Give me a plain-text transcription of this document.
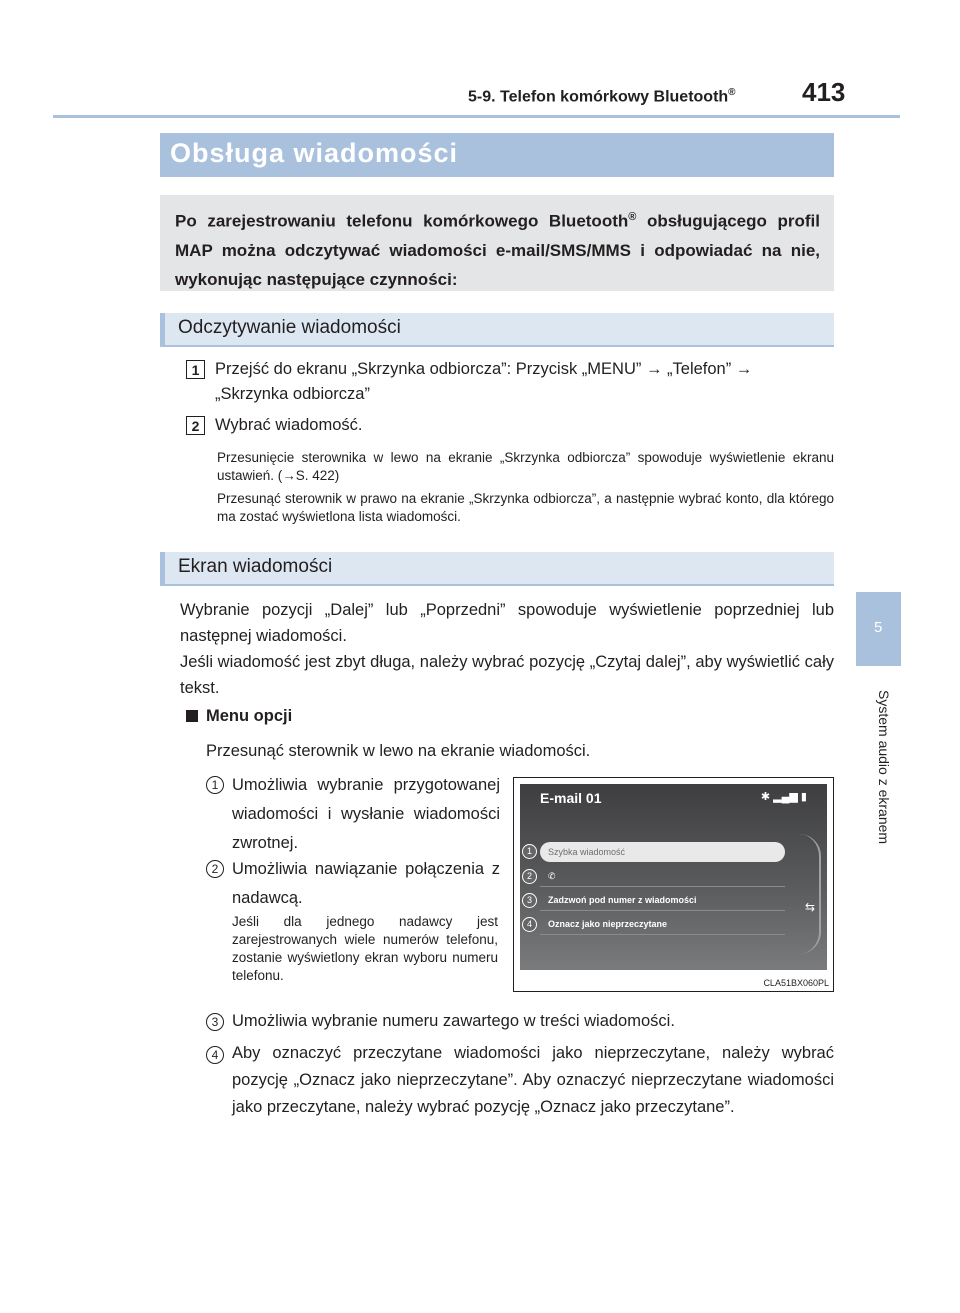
5-9. Telefon komórkowy Bluetooth®	413
Obsługa wiadomości
Po zarejestrowaniu telefonu komórkowego Bluetooth® obsługującego profil MAP można odczytywać wiadomości e-mail/SMS/MMS i odpowiadać na nie, wykonując następujące czynności:
Odczytywanie wiadomości
1 Przejść do ekranu „Skrzynka odbiorcza”: Przycisk „MENU” → „Telefon” →
„Skrzynka odbiorcza”
2 Wybrać wiadomość.
Przesunięcie sterownika w lewo na ekranie „Skrzynka odbiorcza” spowoduje wyświetlenie ekranu ustawień. (→S. 422)
Przesunąć sterownik w prawo na ekranie „Skrzynka odbiorcza”, a następnie wybrać konto, dla którego ma zostać wyświetlona lista wiadomości.
Ekran wiadomości
Wybranie pozycji „Dalej” lub „Poprzedni” spowoduje wyświetlenie poprzedniej lub następnej wiadomości.
Jeśli wiadomość jest zbyt długa, należy wybrać pozycję „Czytaj dalej”, aby wyświetlić cały tekst.
Menu opcji
Przesunąć sterownik w lewo na ekranie wiadomości.
1 Umożliwia wybranie przygotowanej wiadomości i wysłanie wiadomości zwrotnej.
2 Umożliwia nawiązanie połączenia z nadawcą.
Jeśli dla jednego nadawcy jest zarejestrowanych wiele numerów telefonu, zostanie wyświetlony ekran wyboru numeru telefonu.
E-mail 01	✱ ▂▄▆ ▮
Szybka wiadomość
✆
Zadzwoń pod numer z wiadomości
Oznacz jako nieprzeczytane
1
2
3
4
⇆
CLA51BX060PL
3 Umożliwia wybranie numeru zawartego w treści wiadomości.
4 Aby oznaczyć przeczytane wiadomości jako nieprzeczytane, należy wybrać pozycję „Oznacz jako nieprzeczytane”. Aby oznaczyć nieprzeczytane wiadomości jako przeczytane, należy wybrać pozycję „Oznacz jako przeczytane”.
5
System audio z ekranem
